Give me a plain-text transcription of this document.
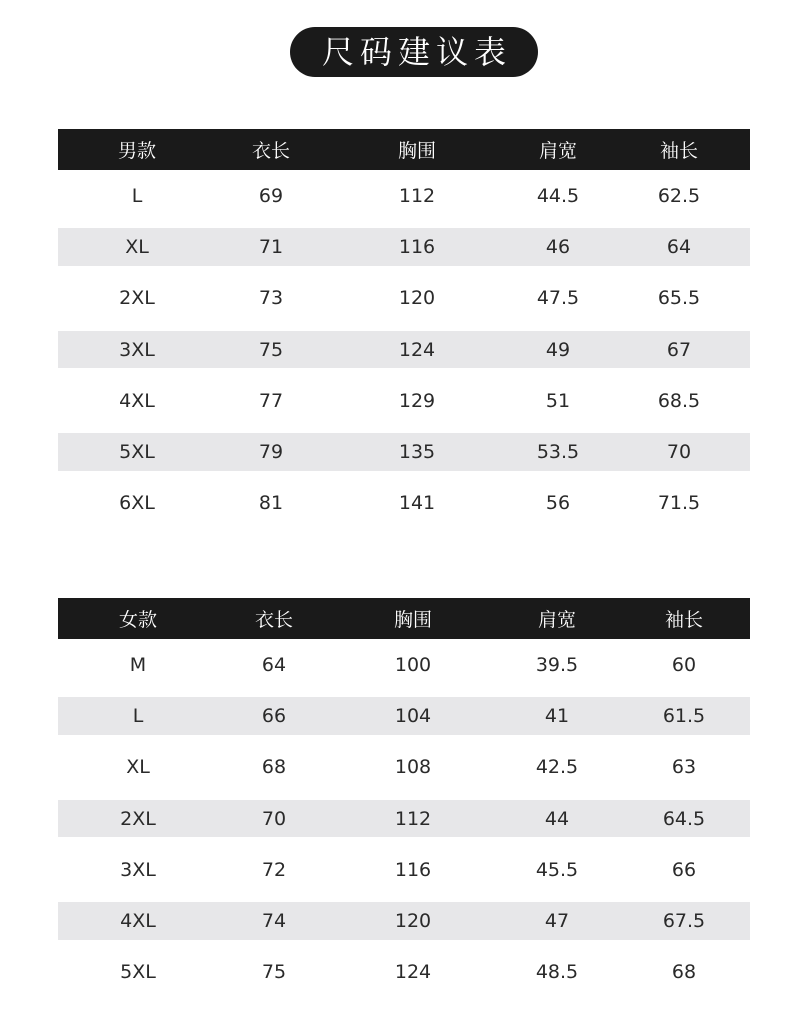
尺码建议表
男款	衣长	胸围	肩宽	袖长
L	69	112	44.5	62.5
XL	71	116	46	64
2XL	73	120	47.5	65.5
3XL	75	124	49	67
4XL	77	129	51	68.5
5XL	79	135	53.5	70
6XL	81	141	56	71.5
女款	衣长	胸围	肩宽	袖长
M	64	100	39.5	60
L	66	104	41	61.5
XL	68	108	42.5	63
2XL	70	112	44	64.5
3XL	72	116	45.5	66
4XL	74	120	47	67.5
5XL	75	124	48.5	68
